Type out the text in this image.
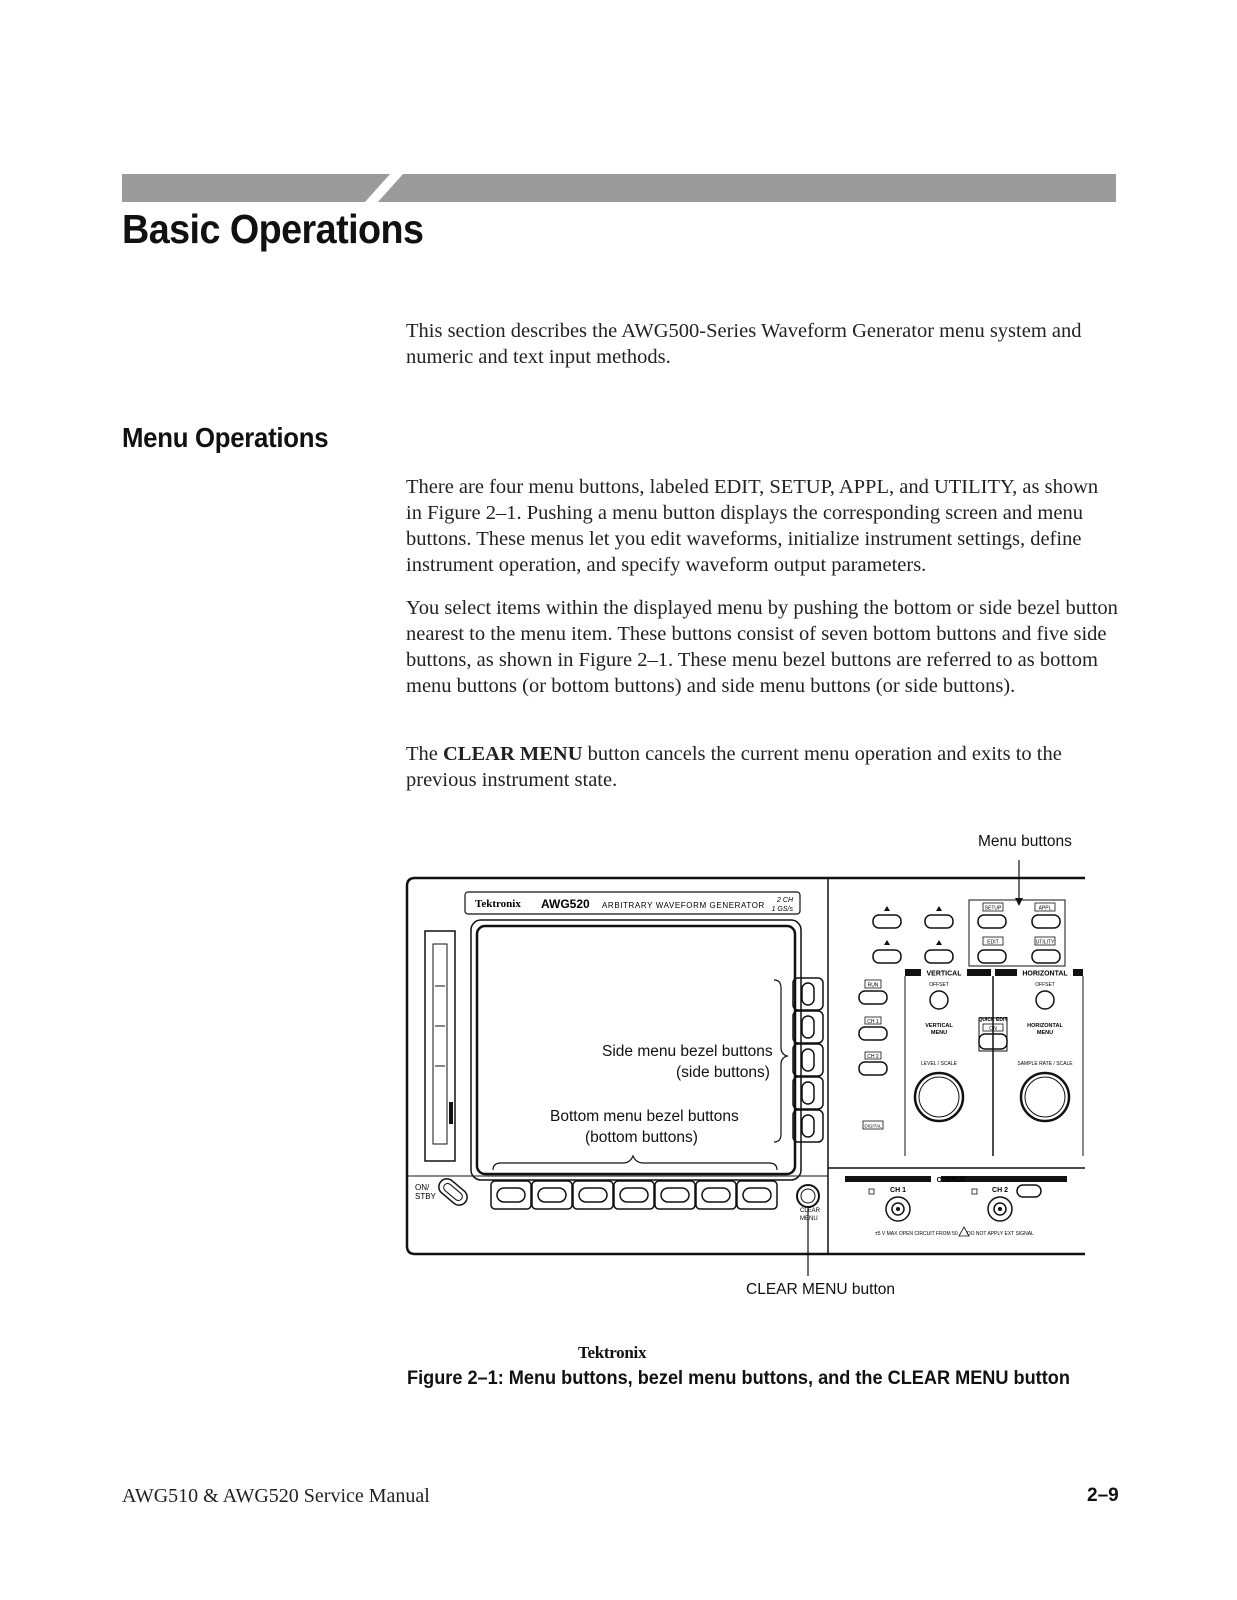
Basic Operations

This section describes the AWG500-Series Waveform Generator menu system and numeric and text input methods.

Menu Operations

There are four menu buttons, labeled EDIT, SETUP, APPL, and UTILITY, as shown in Figure 2–1. Pushing a menu button displays the corresponding screen and menu buttons. These menus let you edit waveforms, initialize instrument settings, define instrument operation, and specify waveform output parameters.

You select items within the displayed menu by pushing the bottom or side bezel button nearest to the menu item. These buttons consist of seven bottom buttons and five side buttons, as shown in Figure 2–1. These menu bezel buttons are referred to as bottom menu buttons (or bottom buttons) and side menu buttons (or side buttons).

The CLEAR MENU button cancels the current menu operation and exits to the previous instrument state.

Tektronix AWG520 ARBITRARY WAVEFORM GENERATOR
2 CH
1 GS/s
ON/
STBY
CLEAR
MENU
SETUP	APPL
EDIT	UTILITY
VERTICAL	HORIZONTAL
OFFSET	OFFSET
VERTICAL
MENU
QUICK EDIT
ON	HORIZONTAL
MENU
LEVEL / SCALE	SAMPLE RATE / SCALE
RUN
CH 1
CH 2
DIGITAL
OUTPUT
CH 1	CH 2
±5 V MAX OPEN CIRCUIT FROM 50 DO NOT APPLY EXT SIGNAL
Menu buttons
Side menu bezel buttons
(side buttons)
Bottom menu bezel buttons
(bottom buttons)
CLEAR MENU button
Tektronix

Figure 2–1: Menu buttons, bezel menu buttons, and the CLEAR MENU button

AWG510 & AWG520 Service Manual	2–9
